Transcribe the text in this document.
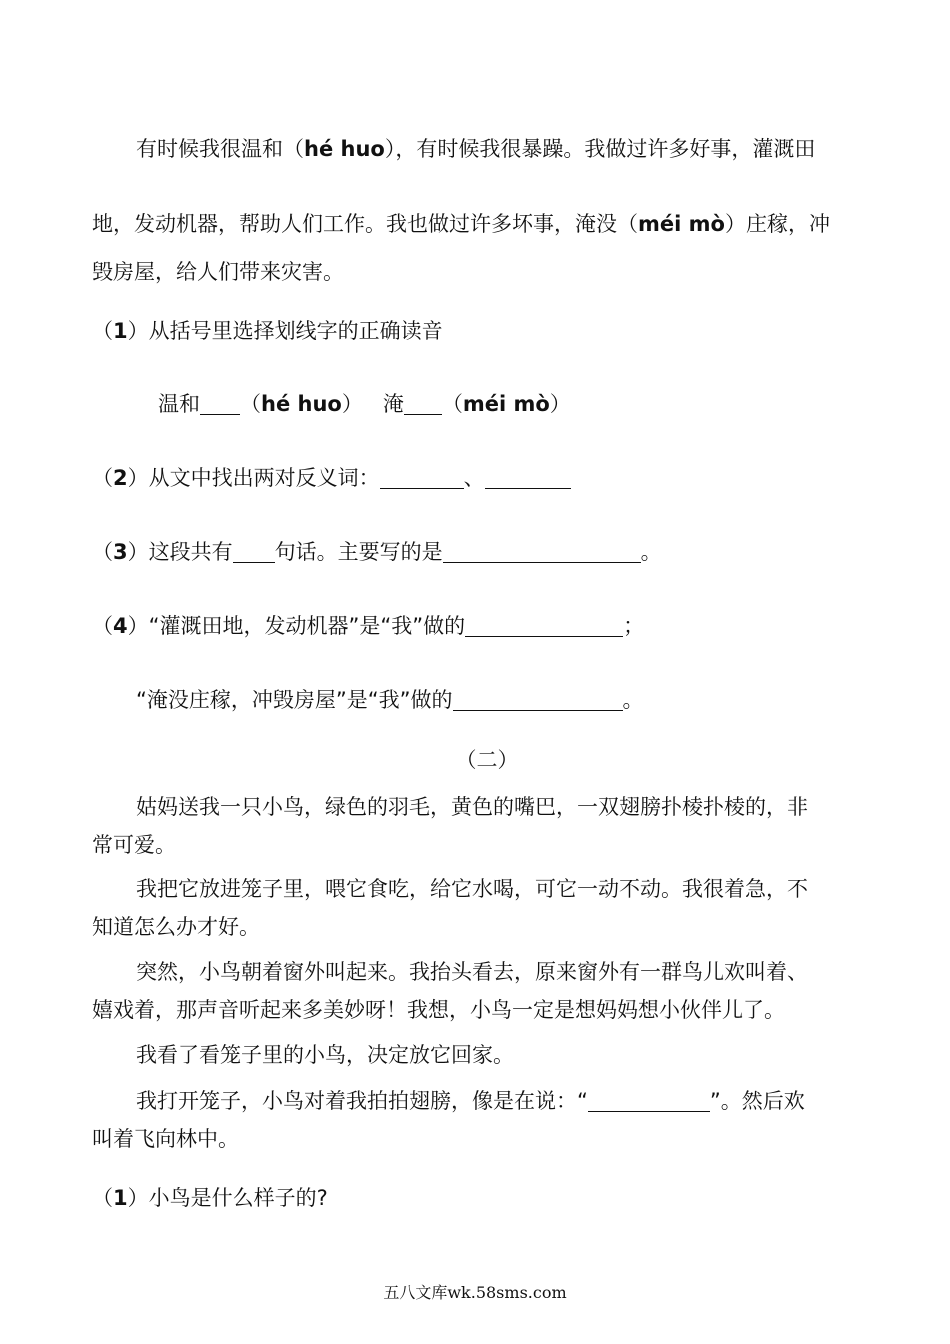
有时候我很温和（hé huo），有时候我很暴躁。我做过许多好事，灌溉田
地，发动机器，帮助人们工作。我也做过许多坏事，淹没（méi mò）庄稼，冲
毁房屋，给人们带来灾害。
（1）从括号里选择划线字的正确读音
温和 （hé huo） 淹 （méi mò）
（2）从文中找出两对反义词：	、
（3）这段共有 句话。主要写的是	。
（4）“灌溉田地，发动机器”是“我”做的	；
“淹没庄稼，冲毁房屋”是“我”做的	。
（二）
姑妈送我一只小鸟，绿色的羽毛，黄色的嘴巴，一双翅膀扑棱扑棱的，非
常可爱。
我把它放进笼子里，喂它食吃，给它水喝，可它一动不动。我很着急，不
知道怎么办才好。
突然，小鸟朝着窗外叫起来。我抬头看去，原来窗外有一群鸟儿欢叫着、
嬉戏着，那声音听起来多美妙呀！我想，小鸟一定是想妈妈想小伙伴儿了。
我看了看笼子里的小鸟，决定放它回家。
我打开笼子，小鸟对着我拍拍翅膀，像是在说：“	”。然后欢
叫着飞向林中。
（1）小鸟是什么样子的?
五八文库wk.58sms.com
